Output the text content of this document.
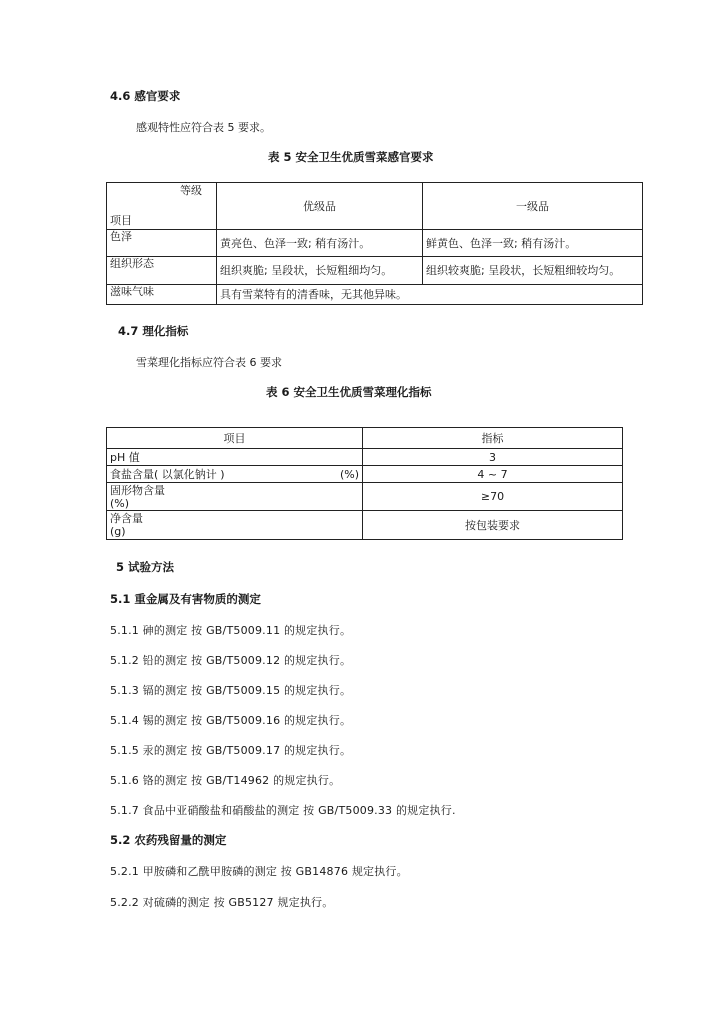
4.6 感官要求
感观特性应符合表 5 要求。
表 5 安全卫生优质雪菜感官要求
等级
项目	优级品	一级品
色泽	黄亮色、色泽一致; 稍有汤汁。	鲜黄色、色泽一致; 稍有汤汁。
组织形态	组织爽脆; 呈段状，长短粗细均匀。	组织较爽脆; 呈段状，长短粗细较均匀。
滋味气味	具有雪菜特有的清香味，无其他异味。	
4.7 理化指标
雪菜理化指标应符合表 6 要求
表 6 安全卫生优质雪菜理化指标
项目		指标
pH 值		3
食盐含量( 以氯化钠计 )	(%)	4 ~ 7

固形物含量
(%)		≥70

净含量
(g)		按包装要求
5 试验方法
5.1 重金属及有害物质的测定
5.1.1 砷的测定 按 GB/T5009.11 的规定执行。
5.1.2 铅的测定 按 GB/T5009.12 的规定执行。
5.1.3 镉的测定 按 GB/T5009.15 的规定执行。
5.1.4 锡的测定 按 GB/T5009.16 的规定执行。
5.1.5 汞的测定 按 GB/T5009.17 的规定执行。
5.1.6 铬的测定 按 GB/T14962 的规定执行。
5.1.7 食品中亚硝酸盐和硝酸盐的测定 按 GB/T5009.33 的规定执行.
5.2 农药残留量的测定
5.2.1 甲胺磷和乙酰甲胺磷的测定 按 GB14876 规定执行。
5.2.2 对硫磷的测定 按 GB5127 规定执行。
